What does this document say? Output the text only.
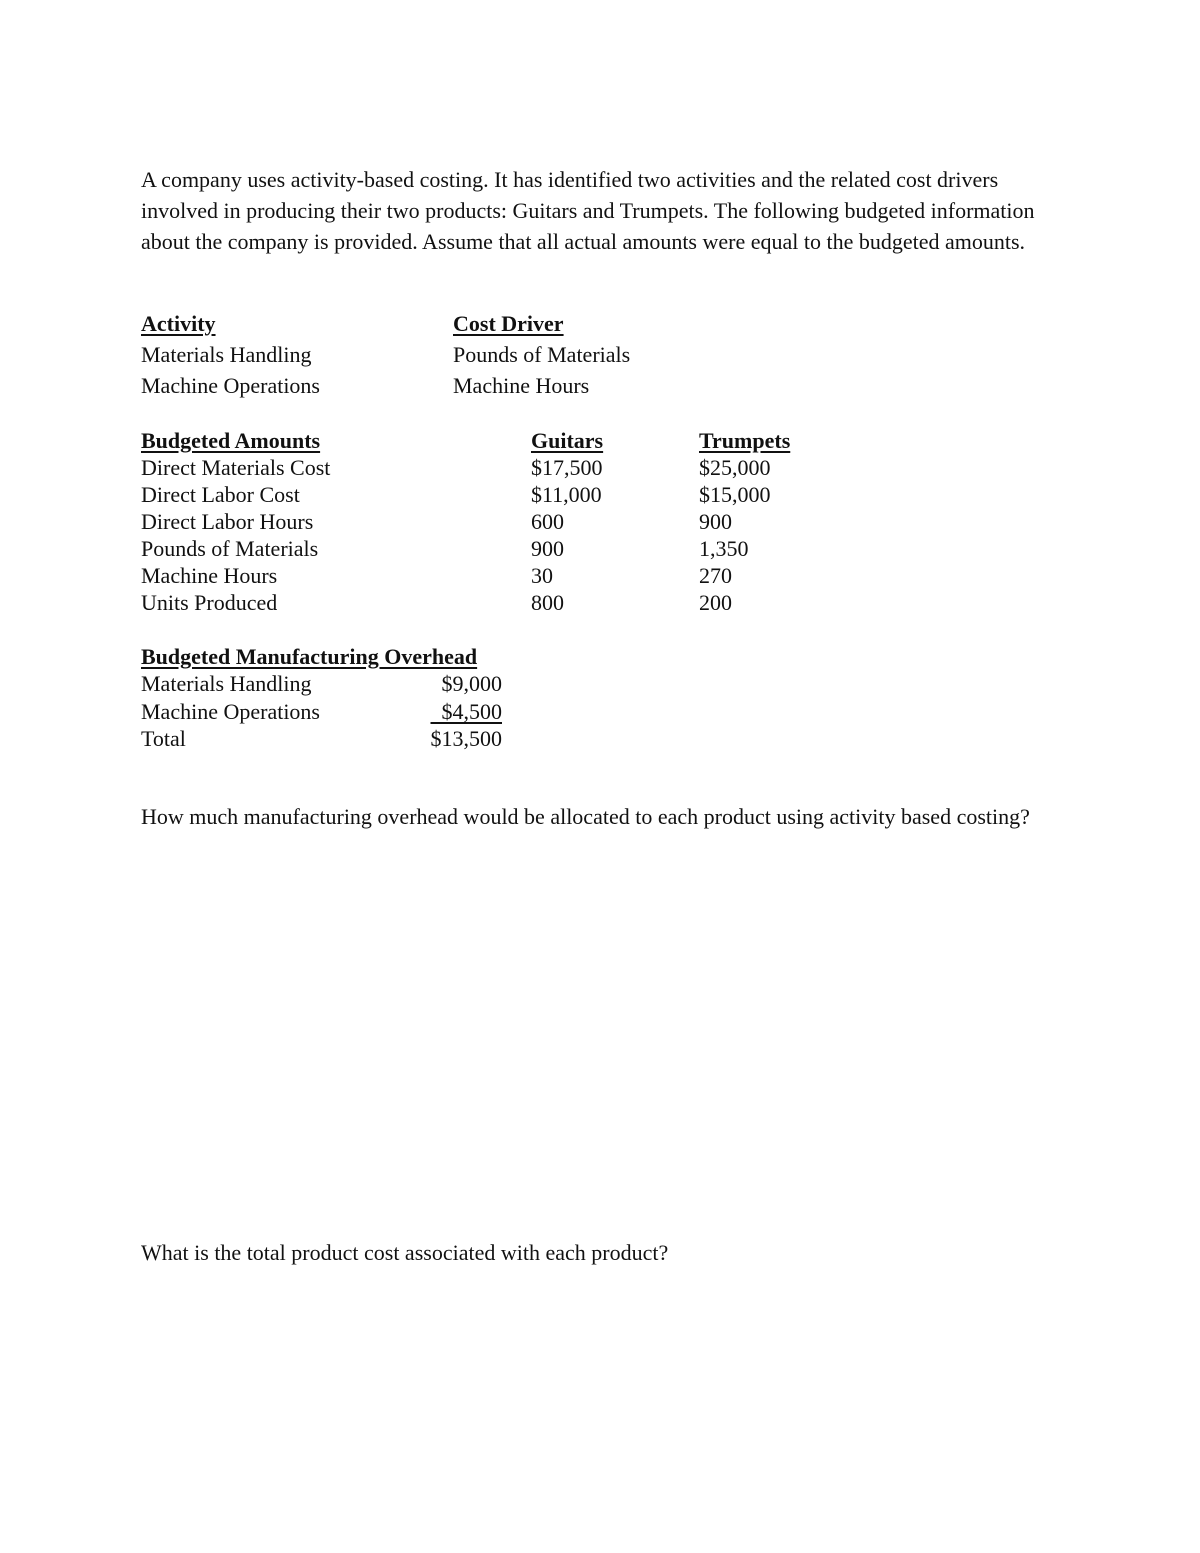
A company uses activity-based costing. It has identified two activities and the related cost drivers involved in producing their two products: Guitars and Trumpets. The following budgeted information about the company is provided. Assume that all actual amounts were equal to the budgeted amounts.
Activity	Cost Driver
Materials Handling	Pounds of Materials
Machine Operations	Machine Hours
Budgeted Amounts	Guitars	Trumpets
Direct Materials Cost	$17,500	$25,000
Direct Labor Cost	$11,000	$15,000
Direct Labor Hours	600	900
Pounds of Materials	900	1,350
Machine Hours	30	270
Units Produced	800	200
Budgeted Manufacturing Overhead
Materials Handling	$9,000
Machine Operations	$4,500
Total	$13,500
How much manufacturing overhead would be allocated to each product using activity based costing?
What is the total product cost associated with each product?
